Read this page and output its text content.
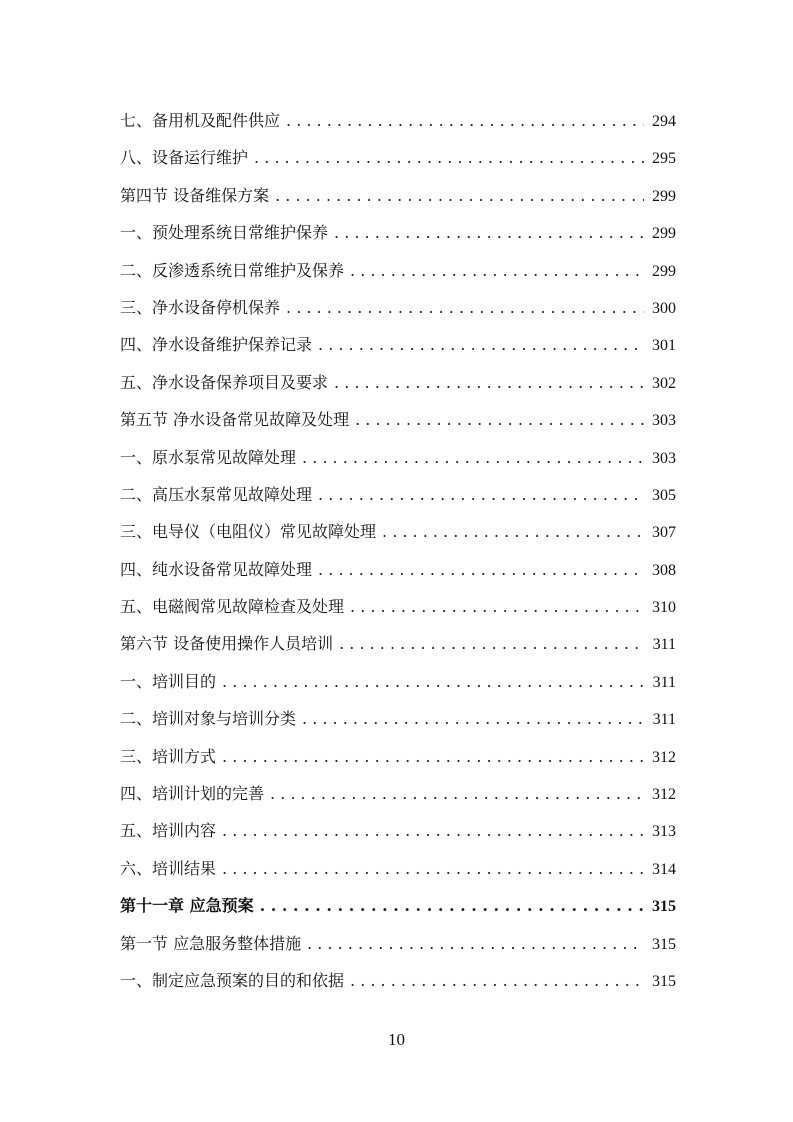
七、备用机及配件供应 . . .	294
八、设备运行维护 . . .	295
第四节 设备维保方案 . . .	299
一、预处理系统日常维护保养 . . .	299
二、反渗透系统日常维护及保养 . . .	299
三、净水设备停机保养 . . .	300
四、净水设备维护保养记录 . . .	301
五、净水设备保养项目及要求 . . .	302
第五节 净水设备常见故障及处理 . . .	303
一、原水泵常见故障处理 . . .	303
二、高压水泵常见故障处理 . . .	305
三、电导仪（电阻仪）常见故障处理 . . .	307
四、纯水设备常见故障处理 . . .	308
五、电磁阀常见故障检查及处理 . . .	310
第六节 设备使用操作人员培训 . . .	311
一、培训目的 . . .	311
二、培训对象与培训分类 . . .	311
三、培训方式 . . .	312
四、培训计划的完善 . . .	312
五、培训内容 . . .	313
六、培训结果 . . .	314
第十一章 应急预案 . . .	315
第一节 应急服务整体措施 . . .	315
一、制定应急预案的目的和依据 . . .	315
10
